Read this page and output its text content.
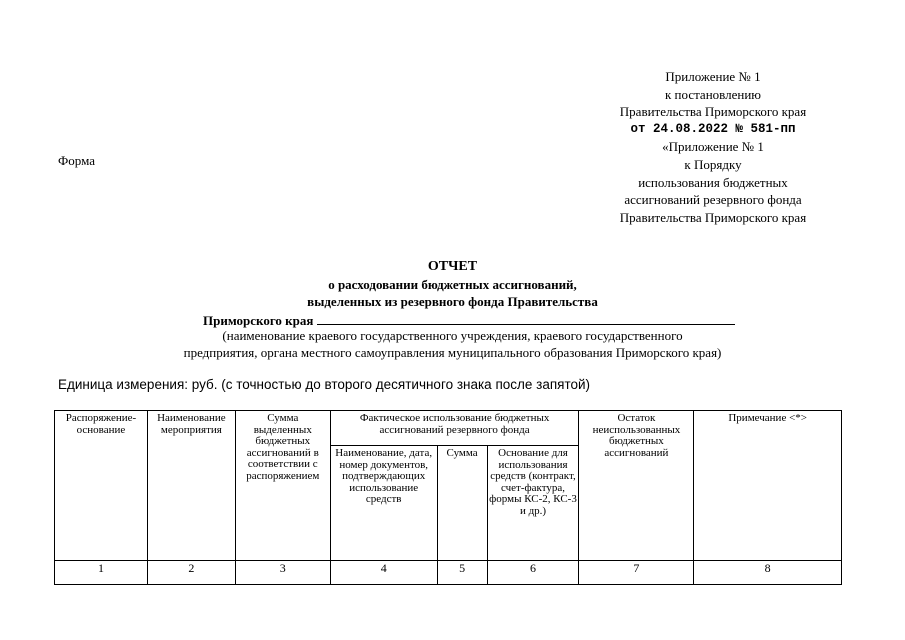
Приложение № 1
к постановлению
Правительства Приморского края
от 24.08.2022 № 581-пп
«Приложение № 1
к Порядку
использования бюджетных
ассигнований резервного фонда
Правительства Приморского края
Форма
ОТЧЕТ
о расходовании бюджетных ассигнований,
выделенных из резервного фонда Правительства
Приморского края
(наименование краевого государственного учреждения, краевого государственного
предприятия, органа местного самоуправления муниципального образования Приморского края)
Единица измерения: руб. (с точностью до второго десятичного знака после запятой)
Распоряжение-основание	Наименование мероприятия	Сумма выделенных бюджетных ассигнований в соответствии с распоряжением	Фактическое использование бюджетных ассигнований резервного фонда			Остаток неиспользованных бюджетных ассигнований	Примечание <*>
			Наименование, дата, номер документов, подтверждающих использование средств	Сумма	Основание для использования средств (контракт, счет-фактура, формы КС-2, КС-3 и др.)		
1	2	3	4	5	6	7	8
